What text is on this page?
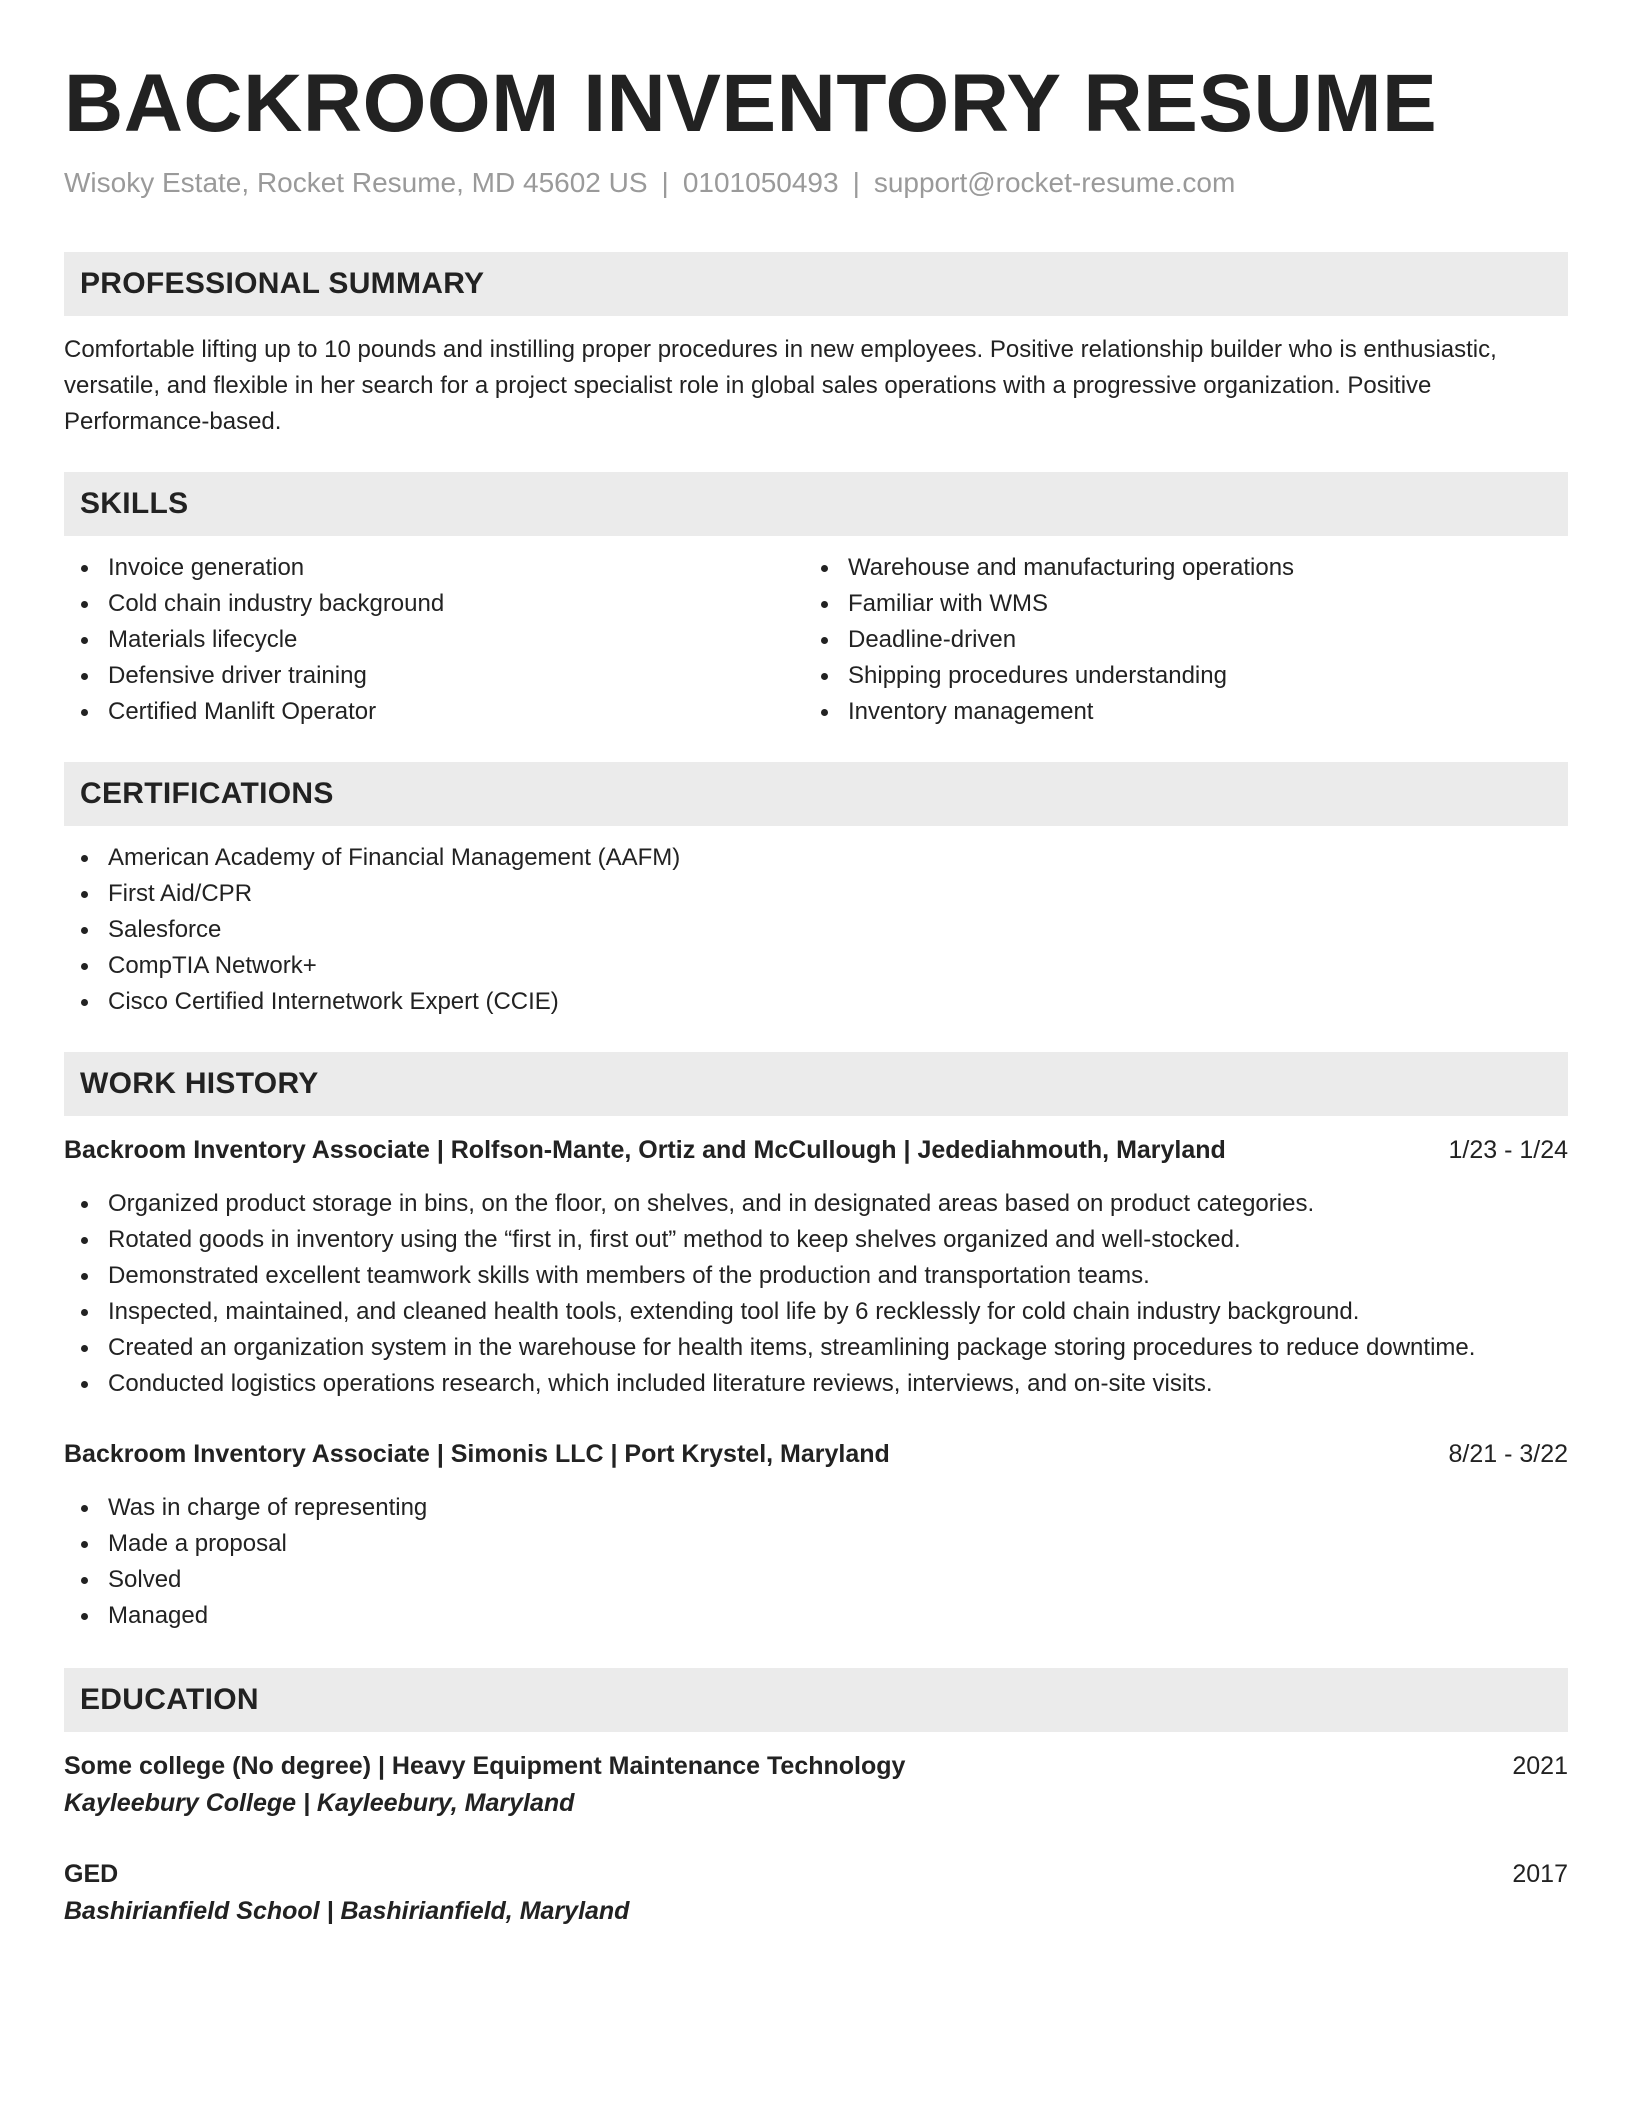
BACKROOM INVENTORY RESUME
Wisoky Estate, Rocket Resume, MD 45602 US | 0101050493 | support@rocket-resume.com
PROFESSIONAL SUMMARY

Comfortable lifting up to 10 pounds and instilling proper procedures in new employees. Positive relationship builder who is enthusiastic, versatile, and flexible in her search for a project specialist role in global sales operations with a progressive organization. Positive Performance-based.

SKILLS
Invoice generation
Cold chain industry background
Materials lifecycle
Defensive driver training
Certified Manlift Operator
Warehouse and manufacturing operations
Familiar with WMS
Deadline-driven
Shipping procedures understanding
Inventory management
CERTIFICATIONS
American Academy of Financial Management (AAFM)
First Aid/CPR
Salesforce
CompTIA Network+
Cisco Certified Internetwork Expert (CCIE)
WORK HISTORY
Backroom Inventory Associate | Rolfson-Mante, Ortiz and McCullough | Jedediahmouth, Maryland	1/23 - 1/24
Organized product storage in bins, on the floor, on shelves, and in designated areas based on product categories.
Rotated goods in inventory using the “first in, first out” method to keep shelves organized and well-stocked.
Demonstrated excellent teamwork skills with members of the production and transportation teams.
Inspected, maintained, and cleaned health tools, extending tool life by 6 recklessly for cold chain industry background.
Created an organization system in the warehouse for health items, streamlining package storing procedures to reduce downtime.
Conducted logistics operations research, which included literature reviews, interviews, and on-site visits.
Backroom Inventory Associate | Simonis LLC | Port Krystel, Maryland	8/21 - 3/22
Was in charge of representing
Made a proposal
Solved
Managed
EDUCATION
Some college (No degree) | Heavy Equipment Maintenance Technology	2021
Kayleebury College | Kayleebury, Maryland
GED	2017
Bashirianfield School | Bashirianfield, Maryland
